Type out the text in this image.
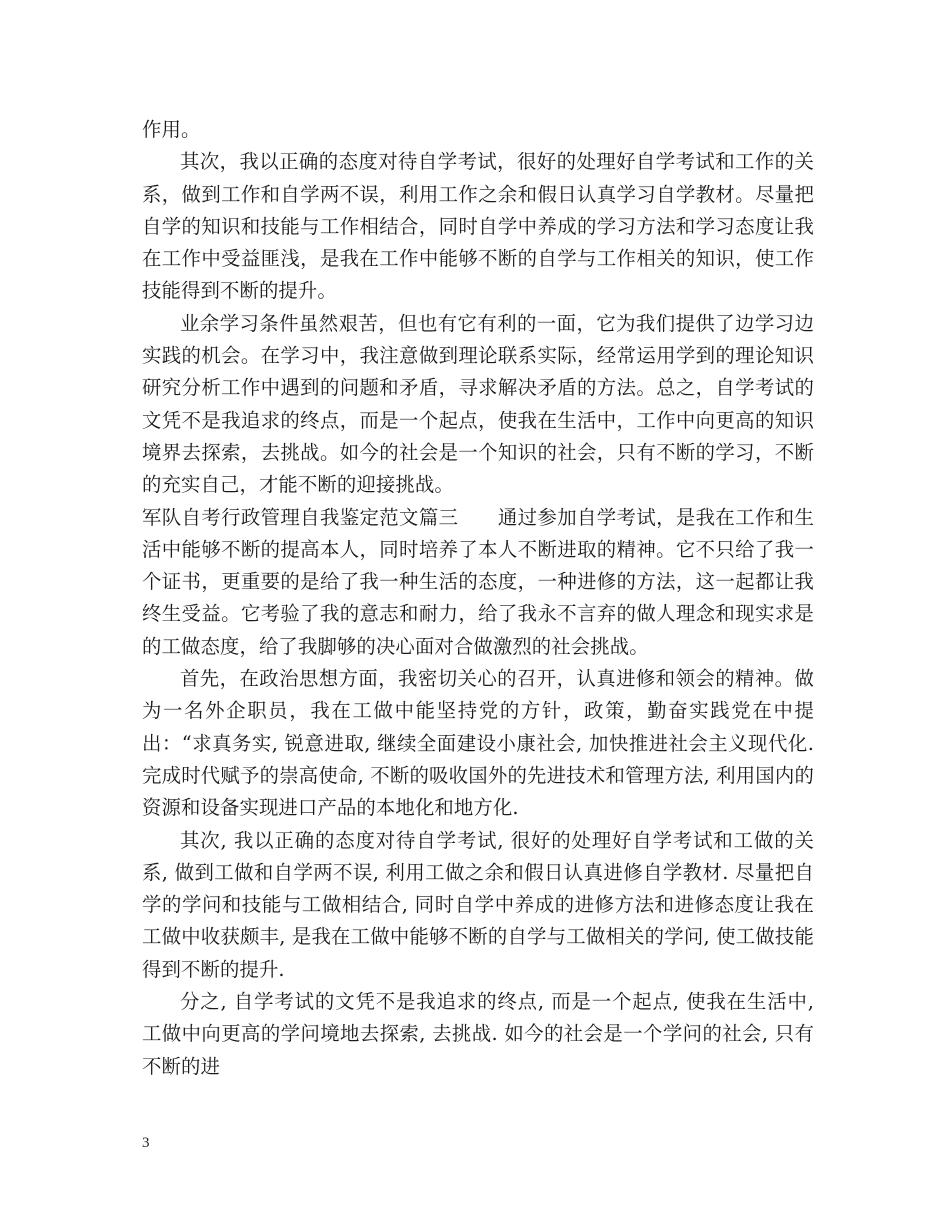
作用。

其次，我以正确的态度对待自学考试，很好的处理好自学考试和工作的关系，做到工作和自学两不误，利用工作之余和假日认真学习自学教材。尽量把自学的知识和技能与工作相结合，同时自学中养成的学习方法和学习态度让我在工作中受益匪浅，是我在工作中能够不断的自学与工作相关的知识，使工作技能得到不断的提升。

业余学习条件虽然艰苦，但也有它有利的一面，它为我们提供了边学习边实践的机会。在学习中，我注意做到理论联系实际，经常运用学到的理论知识研究分析工作中遇到的问题和矛盾，寻求解决矛盾的方法。总之，自学考试的文凭不是我追求的终点，而是一个起点，使我在生活中，工作中向更高的知识境界去探索，去挑战。如今的社会是一个知识的社会，只有不断的学习，不断的充实自己，才能不断的迎接挑战。

军队自考行政管理自我鉴定范文篇三　　通过参加自学考试，是我在工作和生活中能够不断的提高本人，同时培养了本人不断进取的精神。它不只给了我一个证书，更重要的是给了我一种生活的态度，一种进修的方法，这一起都让我终生受益。它考验了我的意志和耐力，给了我永不言弃的做人理念和现实求是的工做态度，给了我脚够的决心面对合做激烈的社会挑战。

首先，在政治思想方面，我密切关心的召开，认真进修和领会的精神。做为一名外企职员，我在工做中能坚持党的方针，政策，勤奋实践党在中提出：“求真务实, 锐意进取, 继续全面建设小康社会, 加快推进社会主义现代化. 完成时代赋予的崇高使命, 不断的吸收国外的先进技术和管理方法, 利用国内的资源和设备实现进口产品的本地化和地方化.

其次, 我以正确的态度对待自学考试, 很好的处理好自学考试和工做的关系, 做到工做和自学两不误, 利用工做之余和假日认真进修自学教材. 尽量把自学的学问和技能与工做相结合, 同时自学中养成的进修方法和进修态度让我在工做中收获颇丰, 是我在工做中能够不断的自学与工做相关的学问, 使工做技能得到不断的提升.

分之, 自学考试的文凭不是我追求的终点, 而是一个起点, 使我在生活中, 工做中向更高的学问境地去探索, 去挑战. 如今的社会是一个学问的社会, 只有不断的进

3
